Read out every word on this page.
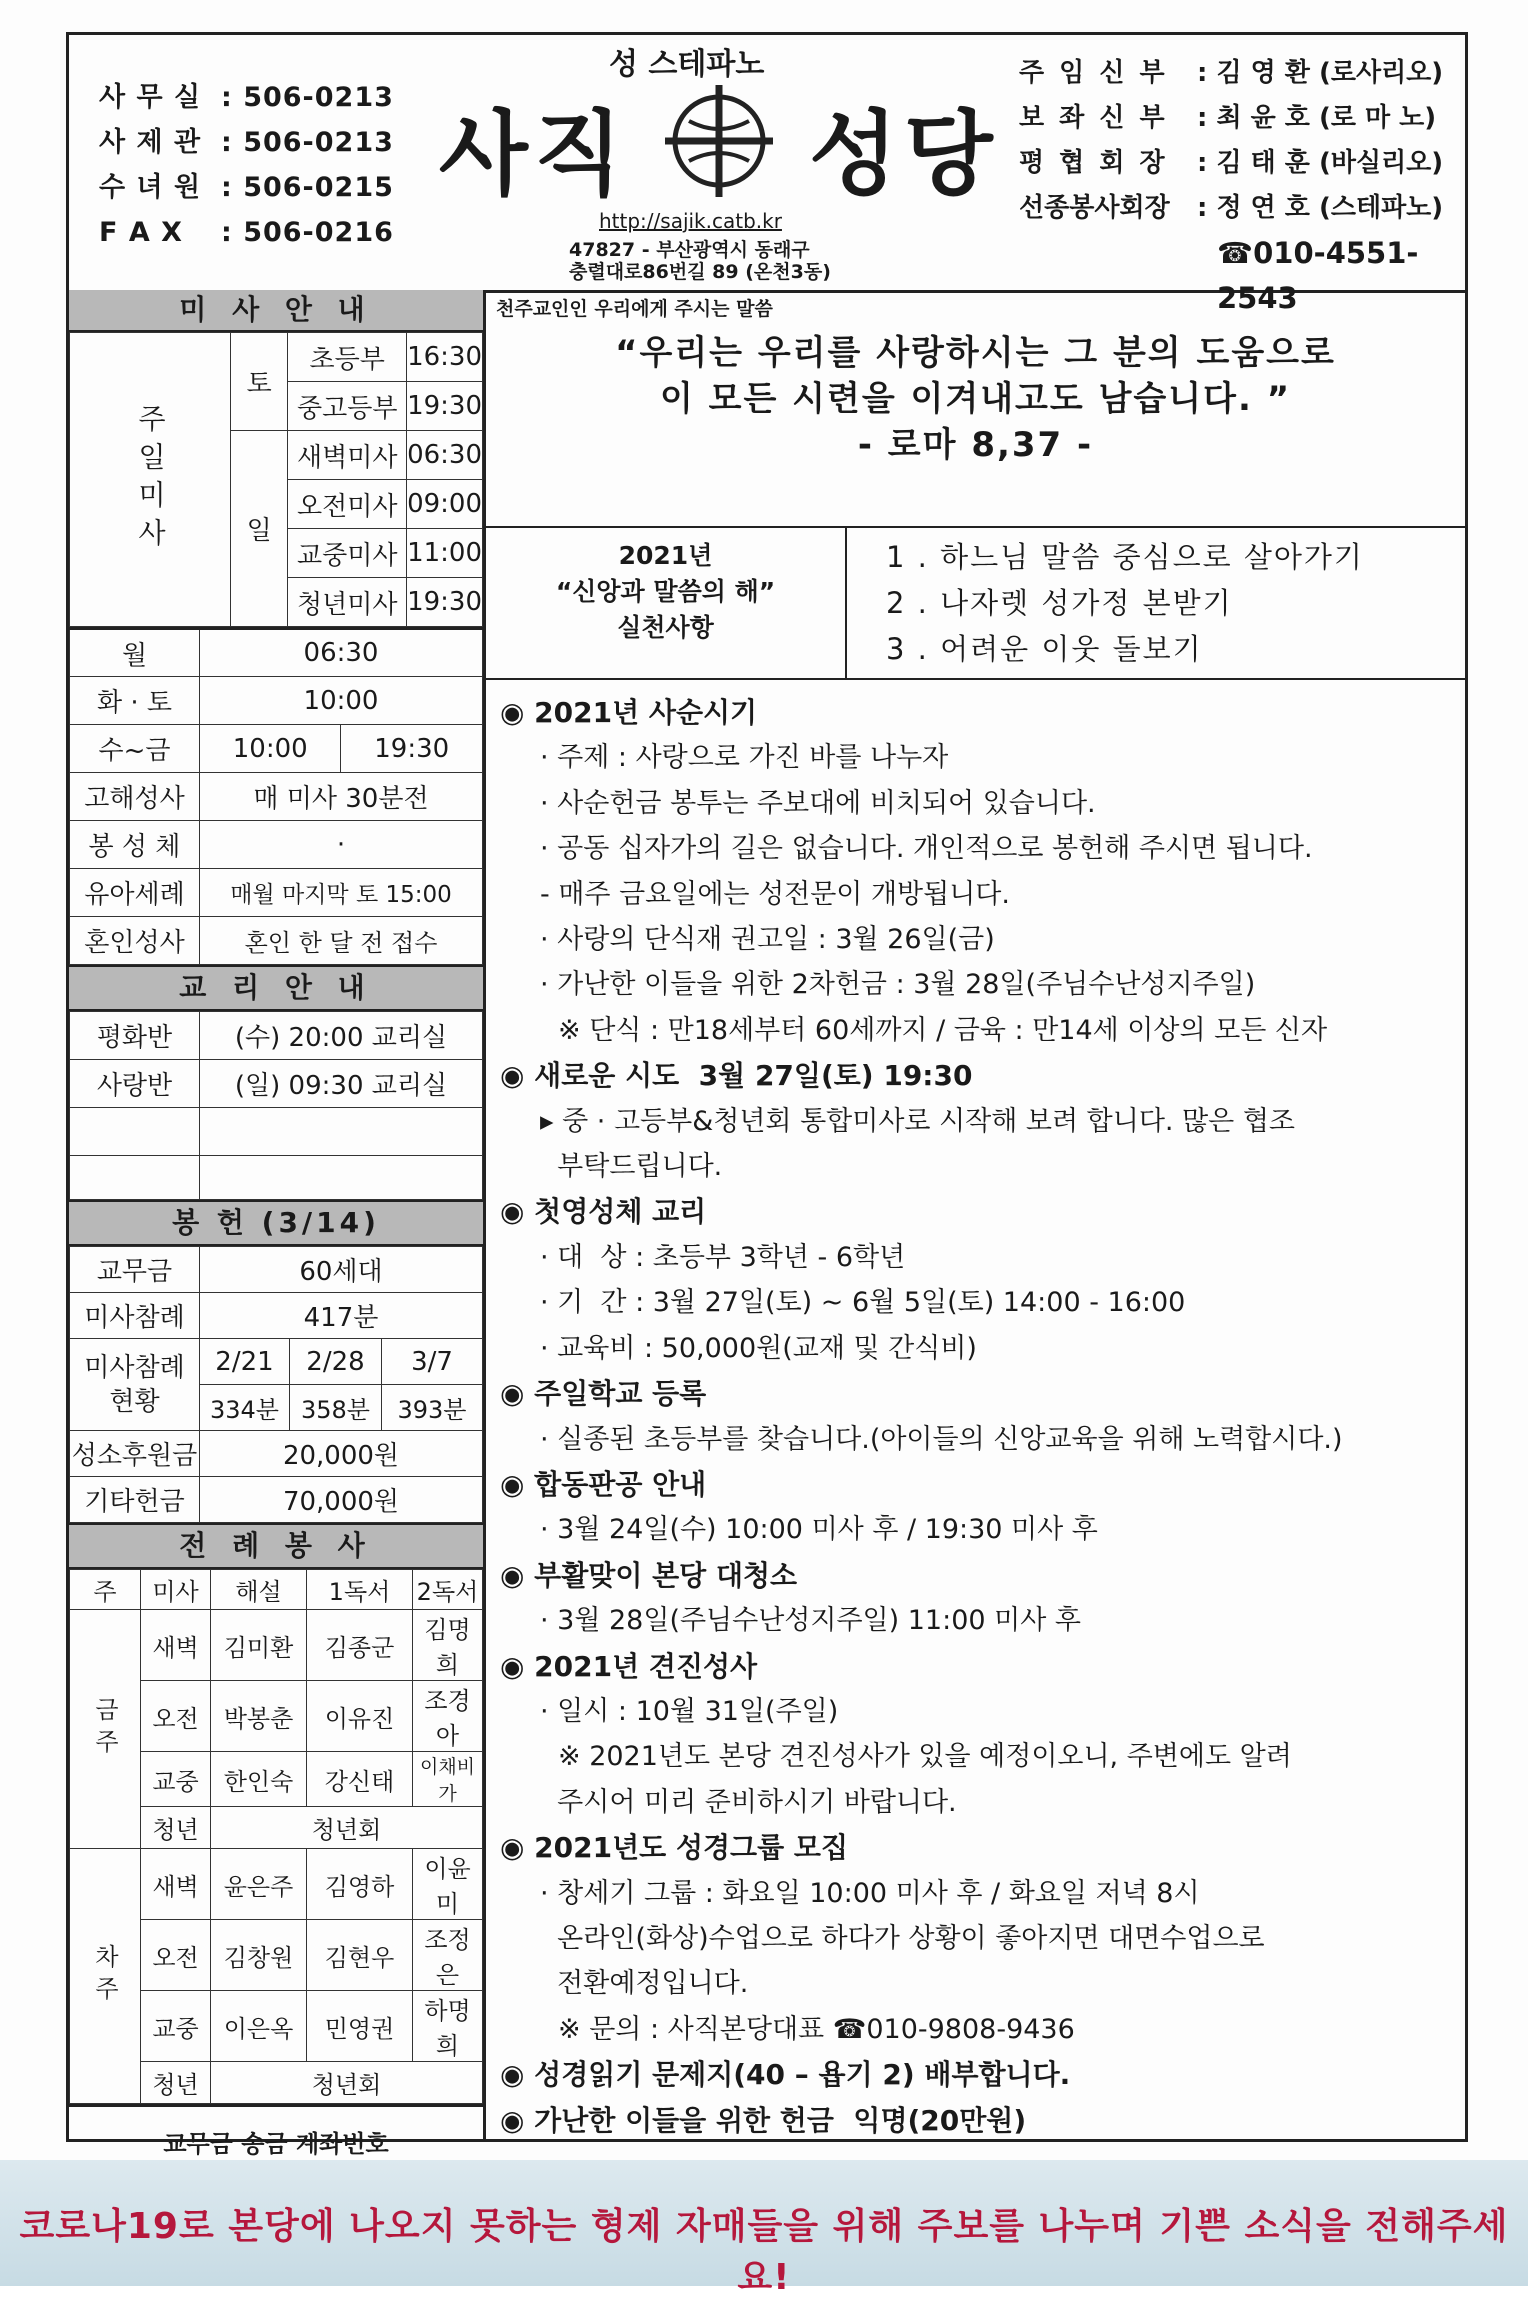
사 무 실 : 506-0213
사 제 관 : 506-0213
수 녀 원 : 506-0215
F A X	: 506-0216
성 스테파노
사직 성당
http://sajik.catb.kr
47827 - 부산광역시 동래구
충렬대로86번길 89 (온천3동)
주 임 신 부	: 김 영 환 (로사리오)
보 좌 신 부	: 최 윤 호 (로 마 노)
평 협 회 장	: 김 태 훈 (바실리오)
선종봉사회장	: 정 연 호 (스테파노)
☎010-4551-2543
미 사 안 내
주일미사	토	초등부	16:30
		중고등부	19:30
	일	새벽미사	06:30
		오전미사	09:00
		교중미사	11:00
		청년미사	19:30
월	06:30	
화 · 토	10:00	
수~금	10:00	19:30
고해성사	매 미사 30분전	
봉 성 체	·	
유아세례	매월 마지막 토 15:00	
혼인성사	혼인 한 달 전 접수	
교 리 안 내
평화반	(수) 20:00 교리실
사랑반	(일) 09:30 교리실

봉 헌 (3/14)
교무금	60세대		
미사참례	417분		

미사참례
현황	2/21	2/28	3/7
	334분	358분	393분
성소후원금	20,000원		
기타헌금	70,000원		
전 례 봉 사
주	미사	해설	1독서	2독서
금주	새벽	김미환	김종군	김명희
	오전	박봉춘	이유진	조경아
	교중	한인숙	강신태	이채비가
	청년	청년회		
차주	새벽	윤은주	김영하	이윤미
	오전	김창원	김현우	조정은
	교중	이은옥	민영권	하명희
	청년	청년회		
교무금 송금 계좌번호
천주교인인 우리에게 주시는 말씀
“우리는 우리를 사랑하시는 그 분의 도움으로
이 모든 시련을 이겨내고도 남습니다. ”
- 로마 8,37 -
2021년
“신앙과 말씀의 해”
실천사항
1 . 하느님 말씀 중심으로 살아가기
2 . 나자렛 성가정 본받기
3 . 어려운 이웃 돌보기
◉ 2021년 사순시기
· 주제 : 사랑으로 가진 바를 나누자
· 사순헌금 봉투는 주보대에 비치되어 있습니다.
· 공동 십자가의 길은 없습니다. 개인적으로 봉헌해 주시면 됩니다.
- 매주 금요일에는 성전문이 개방됩니다.
· 사랑의 단식재 권고일 : 3월 26일(금)
· 가난한 이들을 위한 2차헌금 : 3월 28일(주님수난성지주일)
※ 단식 : 만18세부터 60세까지 / 금육 : 만14세 이상의 모든 신자
◉ 새로운 시도  3월 27일(토) 19:30
▸ 중 · 고등부&청년회 통합미사로 시작해 보려 합니다. 많은 협조
부탁드립니다.
◉ 첫영성체 교리
· 대  상 : 초등부 3학년 - 6학년
· 기  간 : 3월 27일(토) ~ 6월 5일(토) 14:00 - 16:00
· 교육비 : 50,000원(교재 및 간식비)
◉ 주일학교 등록
· 실종된 초등부를 찾습니다.(아이들의 신앙교육을 위해 노력합시다.)
◉ 합동판공 안내
· 3월 24일(수) 10:00 미사 후 / 19:30 미사 후
◉ 부활맞이 본당 대청소
· 3월 28일(주님수난성지주일) 11:00 미사 후
◉ 2021년 견진성사
· 일시 : 10월 31일(주일)
※ 2021년도 본당 견진성사가 있을 예정이오니, 주변에도 알려
주시어 미리 준비하시기 바랍니다.
◉ 2021년도 성경그룹 모집
· 창세기 그룹 : 화요일 10:00 미사 후 / 화요일 저녁 8시
온라인(화상)수업으로 하다가 상황이 좋아지면 대면수업으로
전환예정입니다.
※ 문의 : 사직본당대표 ☎010-9808-9436
◉ 성경읽기 문제지(40 – 욥기 2) 배부합니다.
◉ 가난한 이들을 위한 헌금  익명(20만원)
코로나19로 본당에 나오지 못하는 형제 자매들을 위해 주보를 나누며 기쁜 소식을 전해주세요!
